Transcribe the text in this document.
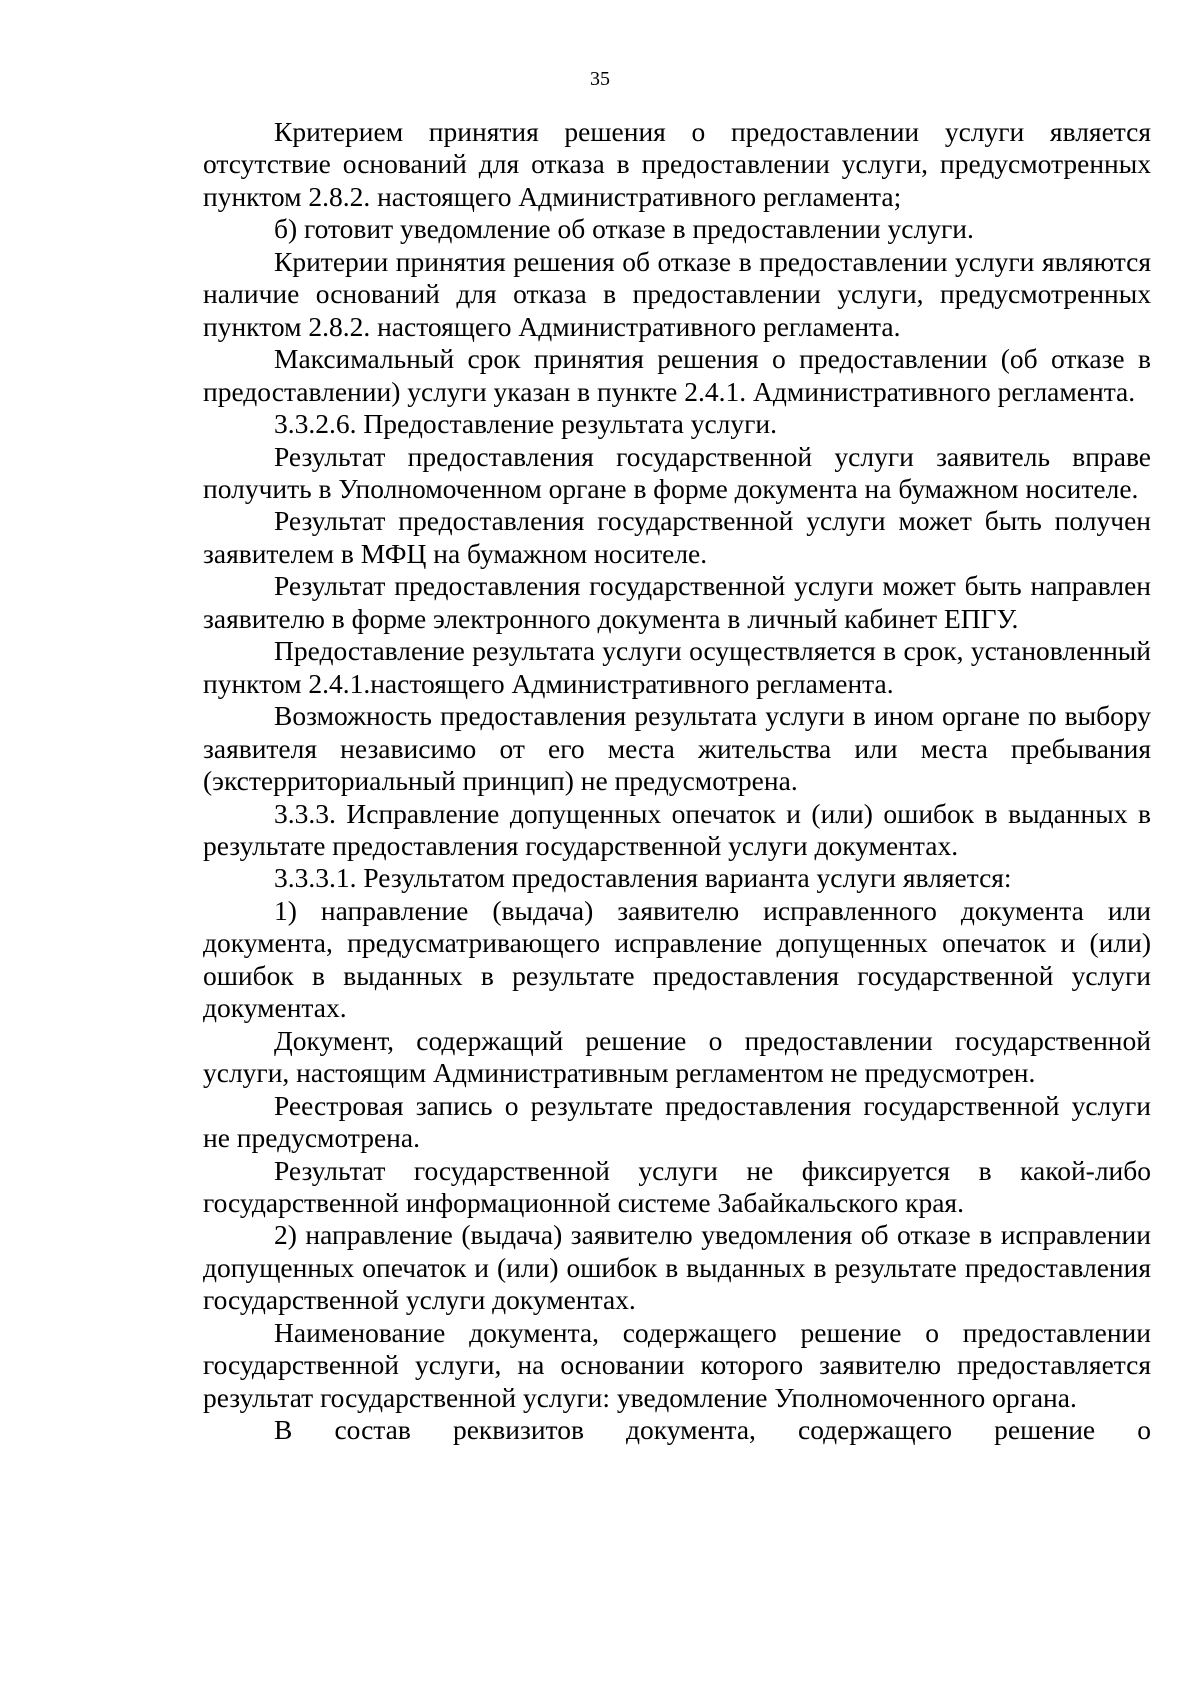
35

Критерием принятия решения о предоставлении услуги является отсутствие оснований для отказа в предоставлении услуги, предусмотренных пунктом 2.8.2. настоящего Административного регламента;

б) готовит уведомление об отказе в предоставлении услуги.

Критерии принятия решения об отказе в предоставлении услуги являются наличие оснований для отказа в предоставлении услуги, предусмотренных пунктом 2.8.2. настоящего Административного регламента.

Максимальный срок принятия решения о предоставлении (об отказе в предоставлении) услуги указан в пункте 2.4.1. Административного регламента.

3.3.2.6. Предоставление результата услуги.

Результат предоставления государственной услуги заявитель вправе получить в Уполномоченном органе в форме документа на бумажном носителе.

Результат предоставления государственной услуги может быть получен заявителем в МФЦ на бумажном носителе.

Результат предоставления государственной услуги может быть направлен заявителю в форме электронного документа в личный кабинет ЕПГУ.

Предоставление результата услуги осуществляется в срок, установленный пунктом 2.4.1.настоящего Административного регламента.

Возможность предоставления результата услуги в ином органе по выбору заявителя независимо от его места жительства или места пребывания (экстерриториальный принцип) не предусмотрена.

3.3.3. Исправление допущенных опечаток и (или) ошибок в выданных в результате предоставления государственной услуги документах.

3.3.3.1. Результатом предоставления варианта услуги является:

1) направление (выдача) заявителю исправленного документа или документа, предусматривающего исправление допущенных опечаток и (или) ошибок в выданных в результате предоставления государственной услуги документах.

Документ, содержащий решение о предоставлении государственной услуги, настоящим Административным регламентом не предусмотрен.

Реестровая запись о результате предоставления государственной услуги не предусмотрена.

Результат государственной услуги не фиксируется в какой-либо государственной информационной системе Забайкальского края.

2) направление (выдача) заявителю уведомления об отказе в исправлении допущенных опечаток и (или) ошибок в выданных в результате предоставления государственной услуги документах.

Наименование документа, содержащего решение о предоставлении государственной услуги, на основании которого заявителю предоставляется результат государственной услуги: уведомление Уполномоченного органа.

В состав реквизитов документа, содержащего решение о
